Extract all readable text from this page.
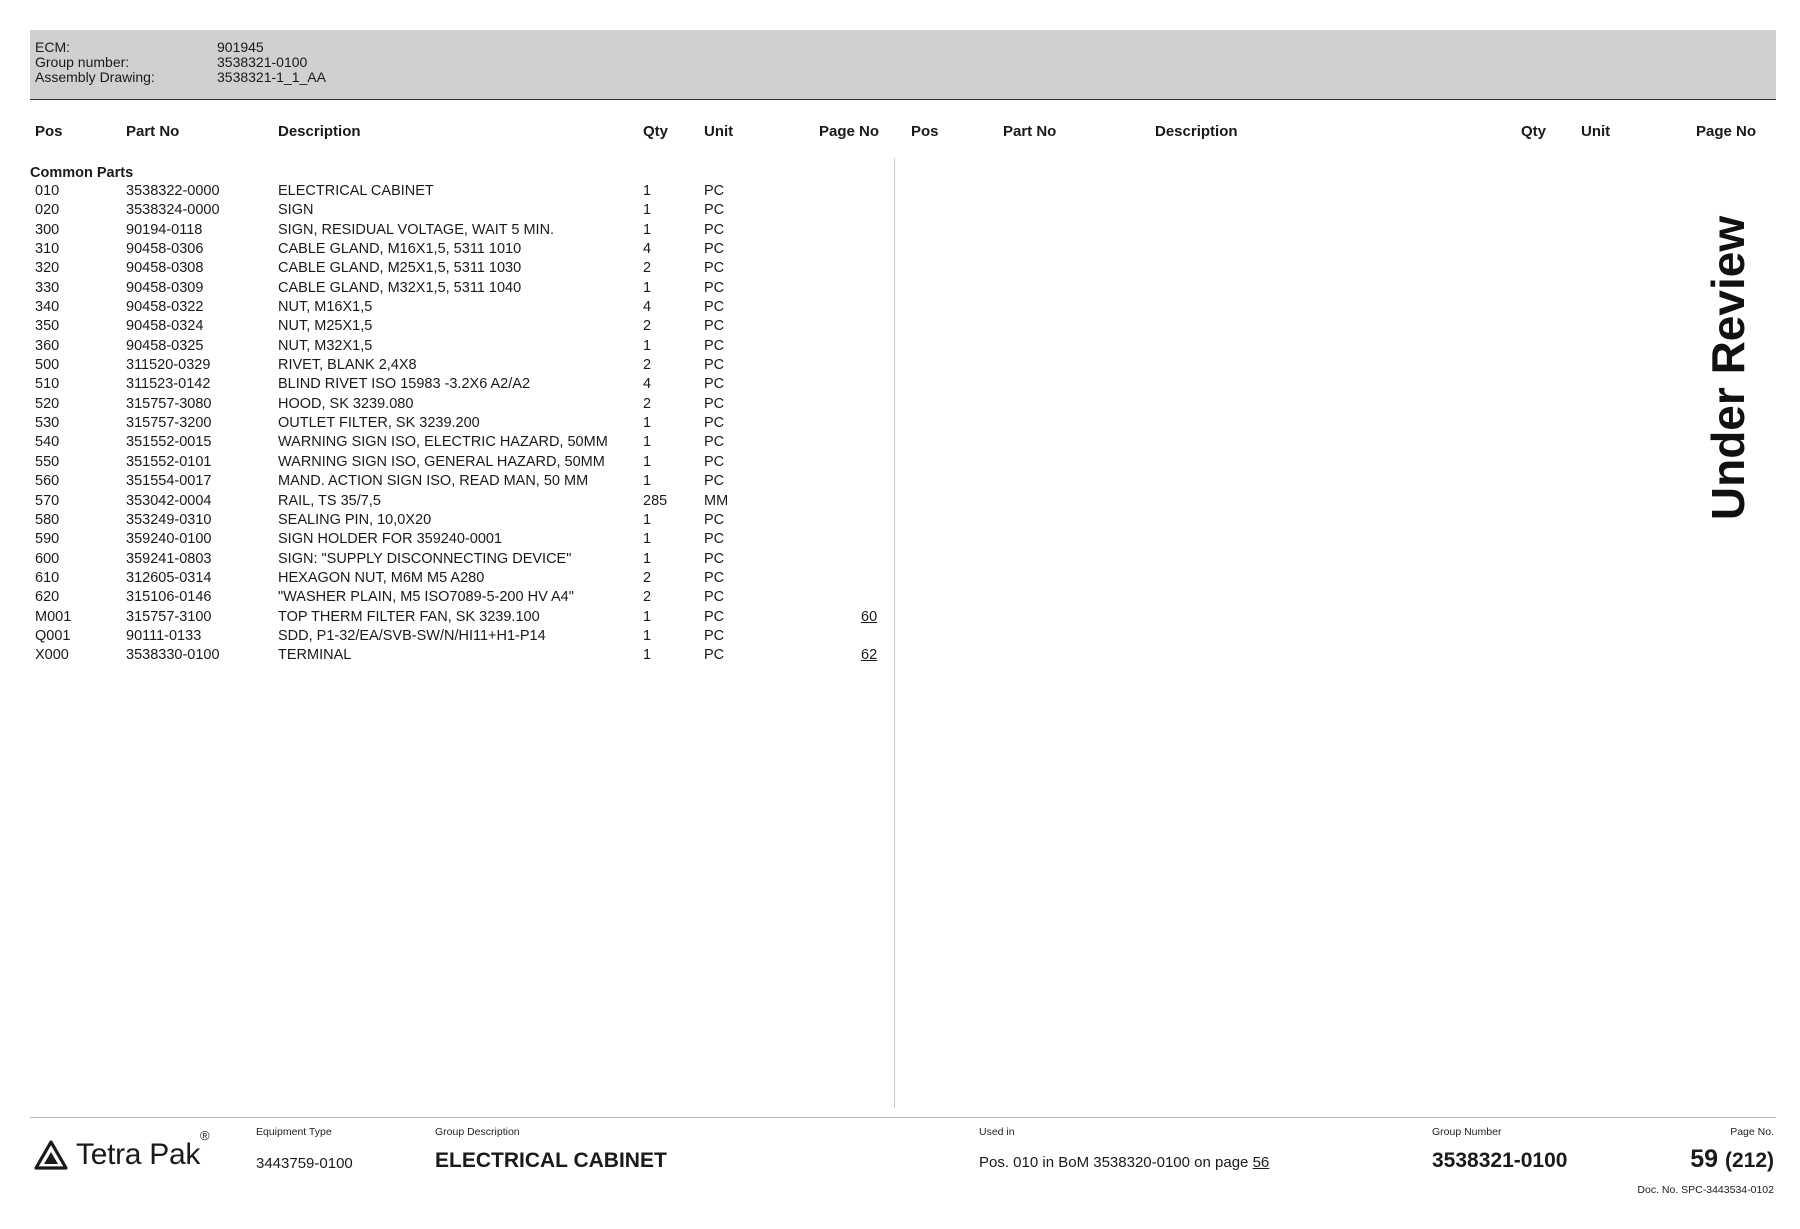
ECM:	901945
Group number:	3538321-0100
Assembly Drawing:	3538321-1_1_AA
Pos	Part No	Description	Qty Unit	Page No Pos	Part No	Description	Qty Unit	Page No
Common Parts
010	3538322-0000	ELECTRICAL CABINET	1	PC
020	3538324-0000	SIGN	1	PC
300	90194-0118	SIGN, RESIDUAL VOLTAGE, WAIT 5 MIN.	1	PC
310	90458-0306	CABLE GLAND, M16X1,5, 5311 1010	4	PC
320	90458-0308	CABLE GLAND, M25X1,5, 5311 1030	2	PC
330	90458-0309	CABLE GLAND, M32X1,5, 5311 1040	1	PC
340	90458-0322	NUT, M16X1,5	4	PC
350	90458-0324	NUT, M25X1,5	2	PC
360	90458-0325	NUT, M32X1,5	1	PC
500	311520-0329	RIVET, BLANK 2,4X8	2	PC
510	311523-0142	BLIND RIVET ISO 15983 -3.2X6 A2/A2	4	PC
520	315757-3080	HOOD, SK 3239.080	2	PC
530	315757-3200	OUTLET FILTER, SK 3239.200	1	PC
540	351552-0015	WARNING SIGN ISO, ELECTRIC HAZARD, 50MM 1	PC
550	351552-0101	WARNING SIGN ISO, GENERAL HAZARD, 50MM	1	PC
560	351554-0017	MAND. ACTION SIGN ISO, READ MAN, 50 MM	1	PC
570	353042-0004	RAIL, TS 35/7,5	285	MM
580	353249-0310	SEALING PIN, 10,0X20	1	PC
590	359240-0100	SIGN HOLDER FOR 359240-0001	1	PC
600	359241-0803	SIGN: "SUPPLY DISCONNECTING DEVICE"	1	PC
610	312605-0314	HEXAGON NUT, M6M M5 A280	2	PC
620	315106-0146	"WASHER PLAIN, M5 ISO7089-5-200 HV A4"	2	PC
M001	315757-3100	TOP THERM FILTER FAN, SK 3239.100	1	PC	60
Q001	90111-0133	SDD, P1-32/EA/SVB-SW/N/HI11+H1-P14	1	PC
X000	3538330-0100	TERMINAL	1	PC	62
Under Review
Tetra Pak®	Equipment Type
3443759-0100
Group Description
ELECTRICAL CABINET
Used in
Pos. 010 in BoM 3538320-0100 on page 56
Group Number
3538321-0100
Page No.
59 (212)
Doc. No. SPC-3443534-0102
